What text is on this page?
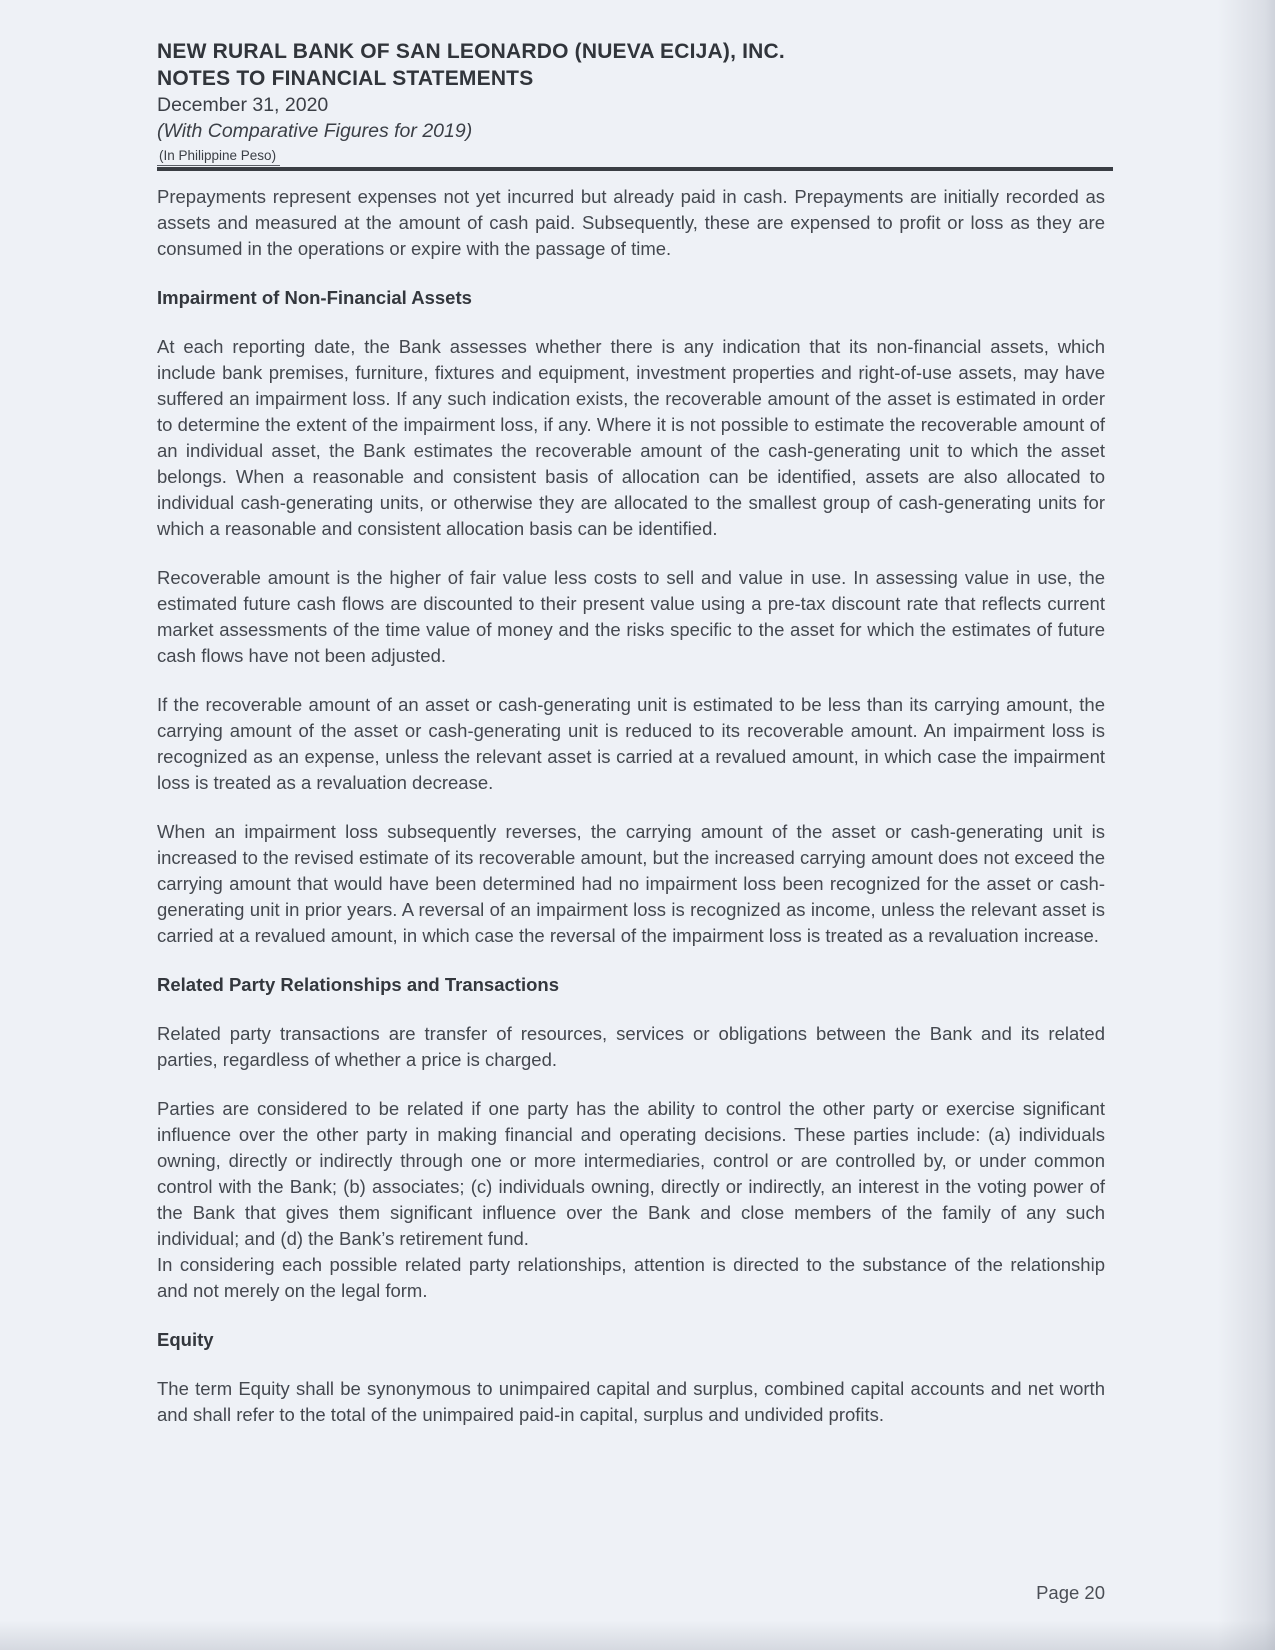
NEW RURAL BANK OF SAN LEONARDO (NUEVA ECIJA), INC.
NOTES TO FINANCIAL STATEMENTS
December 31, 2020
(With Comparative Figures for 2019)
(In Philippine Peso)

Prepayments represent expenses not yet incurred but already paid in cash. Prepayments are initially recorded as assets and measured at the amount of cash paid. Subsequently, these are expensed to profit or loss as they are consumed in the operations or expire with the passage of time.

Impairment of Non-Financial Assets

At each reporting date, the Bank assesses whether there is any indication that its non-financial assets, which include bank premises, furniture, fixtures and equipment, investment properties and right-of-use assets, may have suffered an impairment loss. If any such indication exists, the recoverable amount of the asset is estimated in order to determine the extent of the impairment loss, if any. Where it is not possible to estimate the recoverable amount of an individual asset, the Bank estimates the recoverable amount of the cash-generating unit to which the asset belongs. When a reasonable and consistent basis of allocation can be identified, assets are also allocated to individual cash-generating units, or otherwise they are allocated to the smallest group of cash-generating units for which a reasonable and consistent allocation basis can be identified.

Recoverable amount is the higher of fair value less costs to sell and value in use. In assessing value in use, the estimated future cash flows are discounted to their present value using a pre-tax discount rate that reflects current market assessments of the time value of money and the risks specific to the asset for which the estimates of future cash flows have not been adjusted.

If the recoverable amount of an asset or cash-generating unit is estimated to be less than its carrying amount, the carrying amount of the asset or cash-generating unit is reduced to its recoverable amount. An impairment loss is recognized as an expense, unless the relevant asset is carried at a revalued amount, in which case the impairment loss is treated as a revaluation decrease.

When an impairment loss subsequently reverses, the carrying amount of the asset or cash-generating unit is increased to the revised estimate of its recoverable amount, but the increased carrying amount does not exceed the carrying amount that would have been determined had no impairment loss been recognized for the asset or cash-generating unit in prior years. A reversal of an impairment loss is recognized as income, unless the relevant asset is carried at a revalued amount, in which case the reversal of the impairment loss is treated as a revaluation increase.

Related Party Relationships and Transactions

Related party transactions are transfer of resources, services or obligations between the Bank and its related parties, regardless of whether a price is charged.

Parties are considered to be related if one party has the ability to control the other party or exercise significant influence over the other party in making financial and operating decisions. These parties include: (a) individuals owning, directly or indirectly through one or more intermediaries, control or are controlled by, or under common control with the Bank; (b) associates; (c) individuals owning, directly or indirectly, an interest in the voting power of the Bank that gives them significant influence over the Bank and close members of the family of any such individual; and (d) the Bank’s retirement fund.

In considering each possible related party relationships, attention is directed to the substance of the relationship and not merely on the legal form.

Equity

The term Equity shall be synonymous to unimpaired capital and surplus, combined capital accounts and net worth and shall refer to the total of the unimpaired paid-in capital, surplus and undivided profits.

Page 20
